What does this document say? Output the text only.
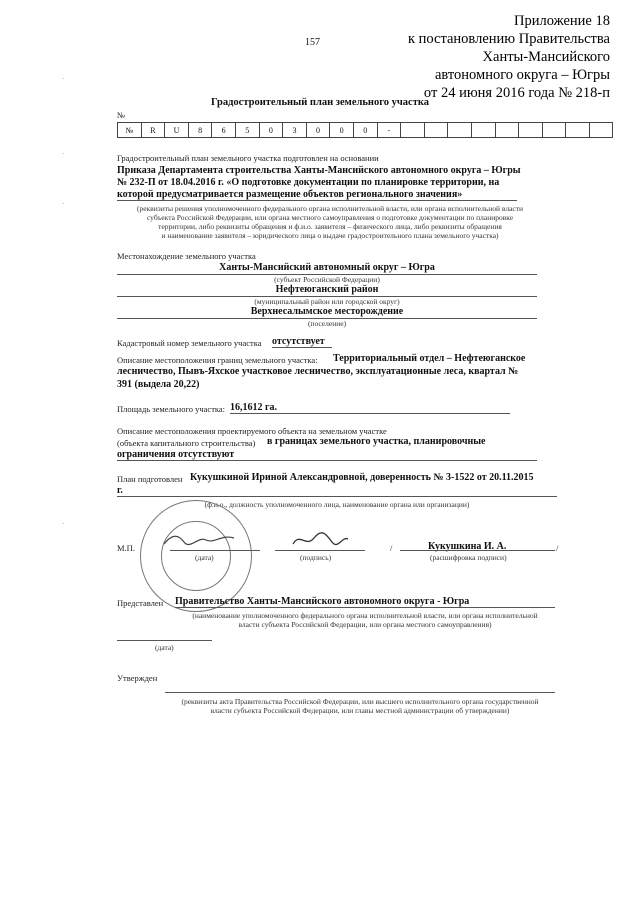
Приложение 18
к постановлению Правительства
Ханты-Мансийского
автономного округа – Югры
от 24 июня 2016 года № 218-п
157
·
·
·
·
Градостроительный план земельного участка
№
№	R	U	8	6	5	0	3	0	0	0	-									
Градостроительный план земельного участка подготовлен на основании
Приказа Департамента строительства Ханты-Мансийского автономного округа – Югры
№ 232-П от 18.04.2016 г. «О подготовке документации по планировке территории, на
которой предусматривается размещение объектов регионального значения»
(реквизиты решения уполномоченного федерального органа исполнительной власти, или органа исполнительной власти
субъекта Российской Федерации, или органа местного самоуправления о подготовке документации по планировке
территории, либо реквизиты обращения и ф.и.о. заявителя – физического лица, либо реквизиты обращения
и наименование заявителя – юридического лица о выдаче градостроительного плана земельного участка)
Местонахождение земельного участка
Ханты-Мансийский автономный округ – Югра
(субъект Российской Федерации)
Нефтеюганский район
(муниципальный район или городской округ)
Верхнесалымское месторождение
(поселение)
Кадастровый номер земельного участка отсутствует
Описание местоположения границ земельного участка: Территориальный отдел – Нефтеюганское
лесничество, Пывъ-Яхское участковое лесничество, эксплуатационные леса, квартал №
391 (выдела 20,22)
Площадь земельного участка: 16,1612 га.
Описание местоположения проектируемого объекта на земельном участке
(объекта капитального строительства) в границах земельного участка, планировочные
ограничения отсутствуют
План подготовлен Кукушкиной Ириной Александровной, доверенность № 3-1522 от 20.11.2015
г.
(ф.и.о., должность уполномоченного лица, наименование органа или организации)
М.П.
(дата)	(подпись)
/	Кукушкина И. А.	/
(расшифровка подписи)
Представлен Правительство Ханты-Мансийского автономного округа - Югра
(наименование уполномоченного федерального органа исполнительной власти, или органа исполнительной
власти субъекта Российской Федерации, или органа местного самоуправления)
(дата)
Утвержден
(реквизиты акта Правительства Российской Федерации, или высшего исполнительного органа государственной
власти субъекта Российской Федерации, или главы местной администрации об утверждении)
